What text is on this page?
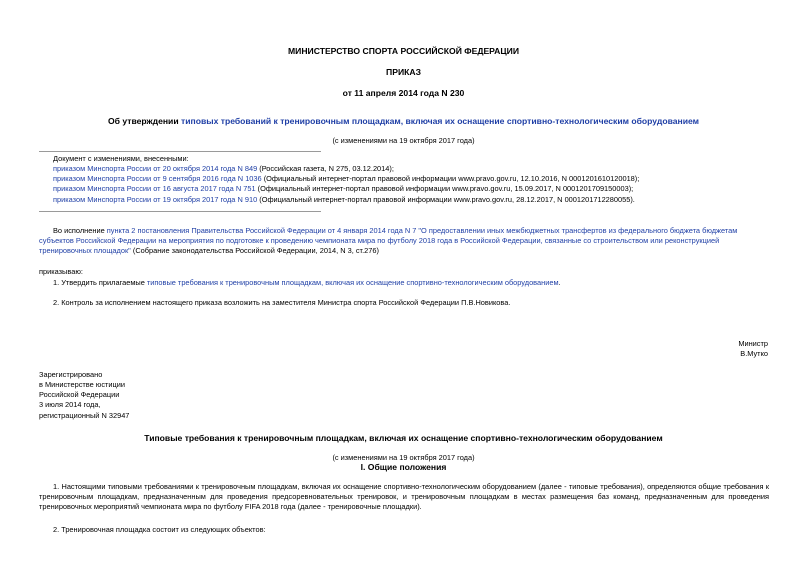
МИНИСТЕРСТВО СПОРТА РОССИЙСКОЙ ФЕДЕРАЦИИ
ПРИКАЗ
от 11 апреля 2014 года N 230
Об утверждении типовых требований к тренировочным площадкам, включая их оснащение спортивно-технологическим оборудованием
(с изменениями на 19 октября 2017 года)
Документ с изменениями, внесенными:
приказом Минспорта России от 20 октября 2014 года N 849 (Российская газета, N 275, 03.12.2014);
приказом Минспорта России от 9 сентября 2016 года N 1036 (Официальный интернет-портал правовой информации www.pravo.gov.ru, 12.10.2016, N 0001201610120018);
приказом Минспорта России от 16 августа 2017 года N 751 (Официальный интернет-портал правовой информации www.pravo.gov.ru, 15.09.2017, N 0001201709150003);
приказом Минспорта России от 19 октября 2017 года N 910 (Официальный интернет-портал правовой информации www.pravo.gov.ru, 28.12.2017, N 0001201712280055).
Во исполнение пункта 2 постановления Правительства Российской Федерации от 4 января 2014 года N 7 "О предоставлении иных межбюджетных трансфертов из федерального бюджета бюджетам субъектов Российской Федерации на мероприятия по подготовке к проведению чемпионата мира по футболу 2018 года в Российской Федерации, связанные со строительством или реконструкцией тренировочных площадок" (Собрание законодательства Российской Федерации, 2014, N 3, ст.276)
приказываю:
1. Утвердить прилагаемые типовые требования к тренировочным площадкам, включая их оснащение спортивно-технологическим оборудованием.
2. Контроль за исполнением настоящего приказа возложить на заместителя Министра спорта Российской Федерации П.В.Новикова.
Министр
В.Мутко
Зарегистрировано
в Министерстве юстиции
Российской Федерации
3 июля 2014 года,
регистрационный N 32947
Типовые требования к тренировочным площадкам, включая их оснащение спортивно-технологическим оборудованием
(с изменениями на 19 октября 2017 года)
I. Общие положения
1. Настоящими типовыми требованиями к тренировочным площадкам, включая их оснащение спортивно-технологическим оборудованием (далее - типовые требования), определяются общие требования к тренировочным площадкам, предназначенным для проведения предсоревновательных тренировок, и тренировочным площадкам в местах размещения баз команд, предназначенным для проведения тренировочных мероприятий чемпионата мира по футболу FIFA 2018 года (далее - тренировочные площадки).
2. Тренировочная площадка состоит из следующих объектов:
